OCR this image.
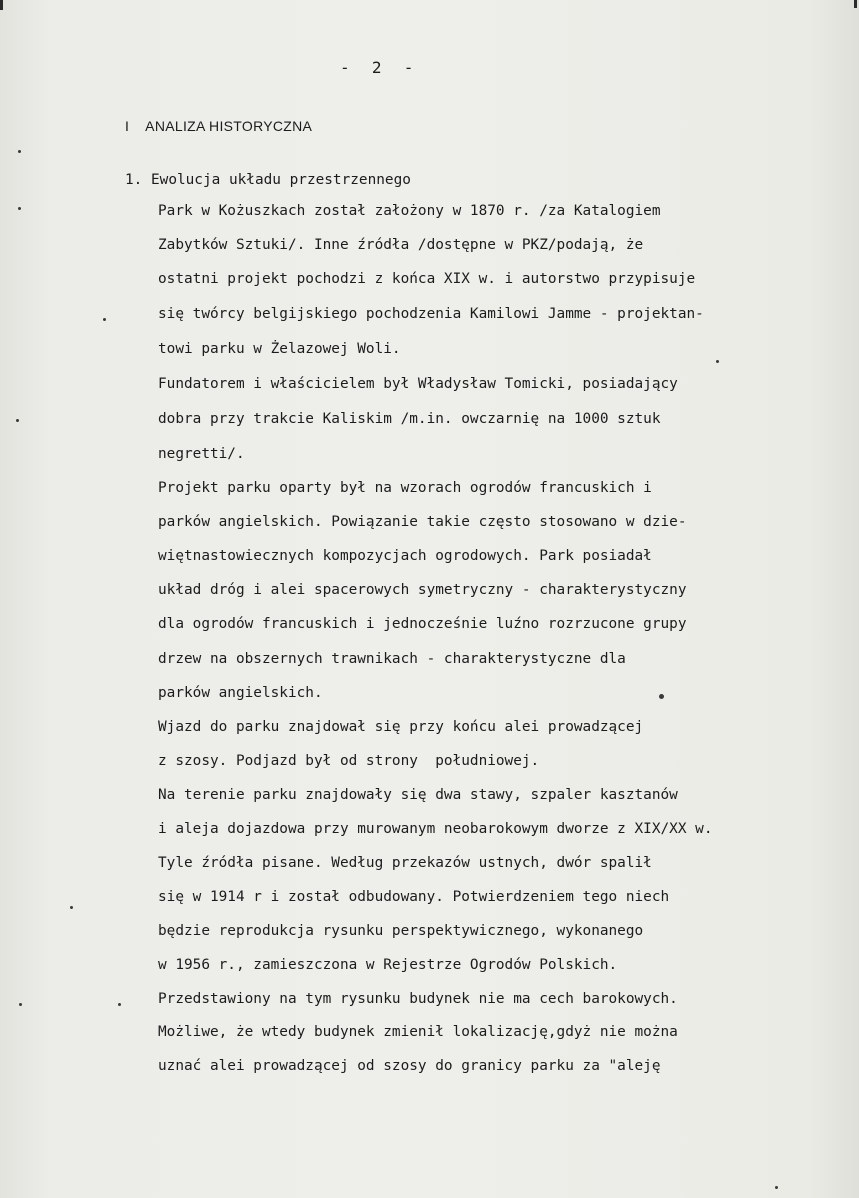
-  2  -
I    ANALIZA HISTORYCZNA
1. Ewolucja układu przestrzennego
Park w Kożuszkach został założony w 1870 r. /za Katalogiem
Zabytków Sztuki/. Inne źródła /dostępne w PKZ/podają, że
ostatni projekt pochodzi z końca XIX w. i autorstwo przypisuje
się twórcy belgijskiego pochodzenia Kamilowi Jamme - projektan-
towi parku w Żelazowej Woli.
Fundatorem i właścicielem był Władysław Tomicki, posiadający
dobra przy trakcie Kaliskim /m.in. owczarnię na 1000 sztuk
negretti/.
Projekt parku oparty był na wzorach ogrodów francuskich i
parków angielskich. Powiązanie takie często stosowano w dzie-
więtnastowiecznych kompozycjach ogrodowych. Park posiadał
układ dróg i alei spacerowych symetryczny - charakterystyczny
dla ogrodów francuskich i jednocześnie luźno rozrzucone grupy
drzew na obszernych trawnikach - charakterystyczne dla
parków angielskich.
Wjazd do parku znajdował się przy końcu alei prowadzącej
z szosy. Podjazd był od strony  południowej.
Na terenie parku znajdowały się dwa stawy, szpaler kasztanów
i aleja dojazdowa przy murowanym neobarokowym dworze z XIX/XX w.
Tyle źródła pisane. Według przekazów ustnych, dwór spalił
się w 1914 r i został odbudowany. Potwierdzeniem tego niech
będzie reprodukcja rysunku perspektywicznego, wykonanego
w 1956 r., zamieszczona w Rejestrze Ogrodów Polskich.
Przedstawiony na tym rysunku budynek nie ma cech barokowych.
Możliwe, że wtedy budynek zmienił lokalizację,gdyż nie można
uznać alei prowadzącej od szosy do granicy parku za "aleję
